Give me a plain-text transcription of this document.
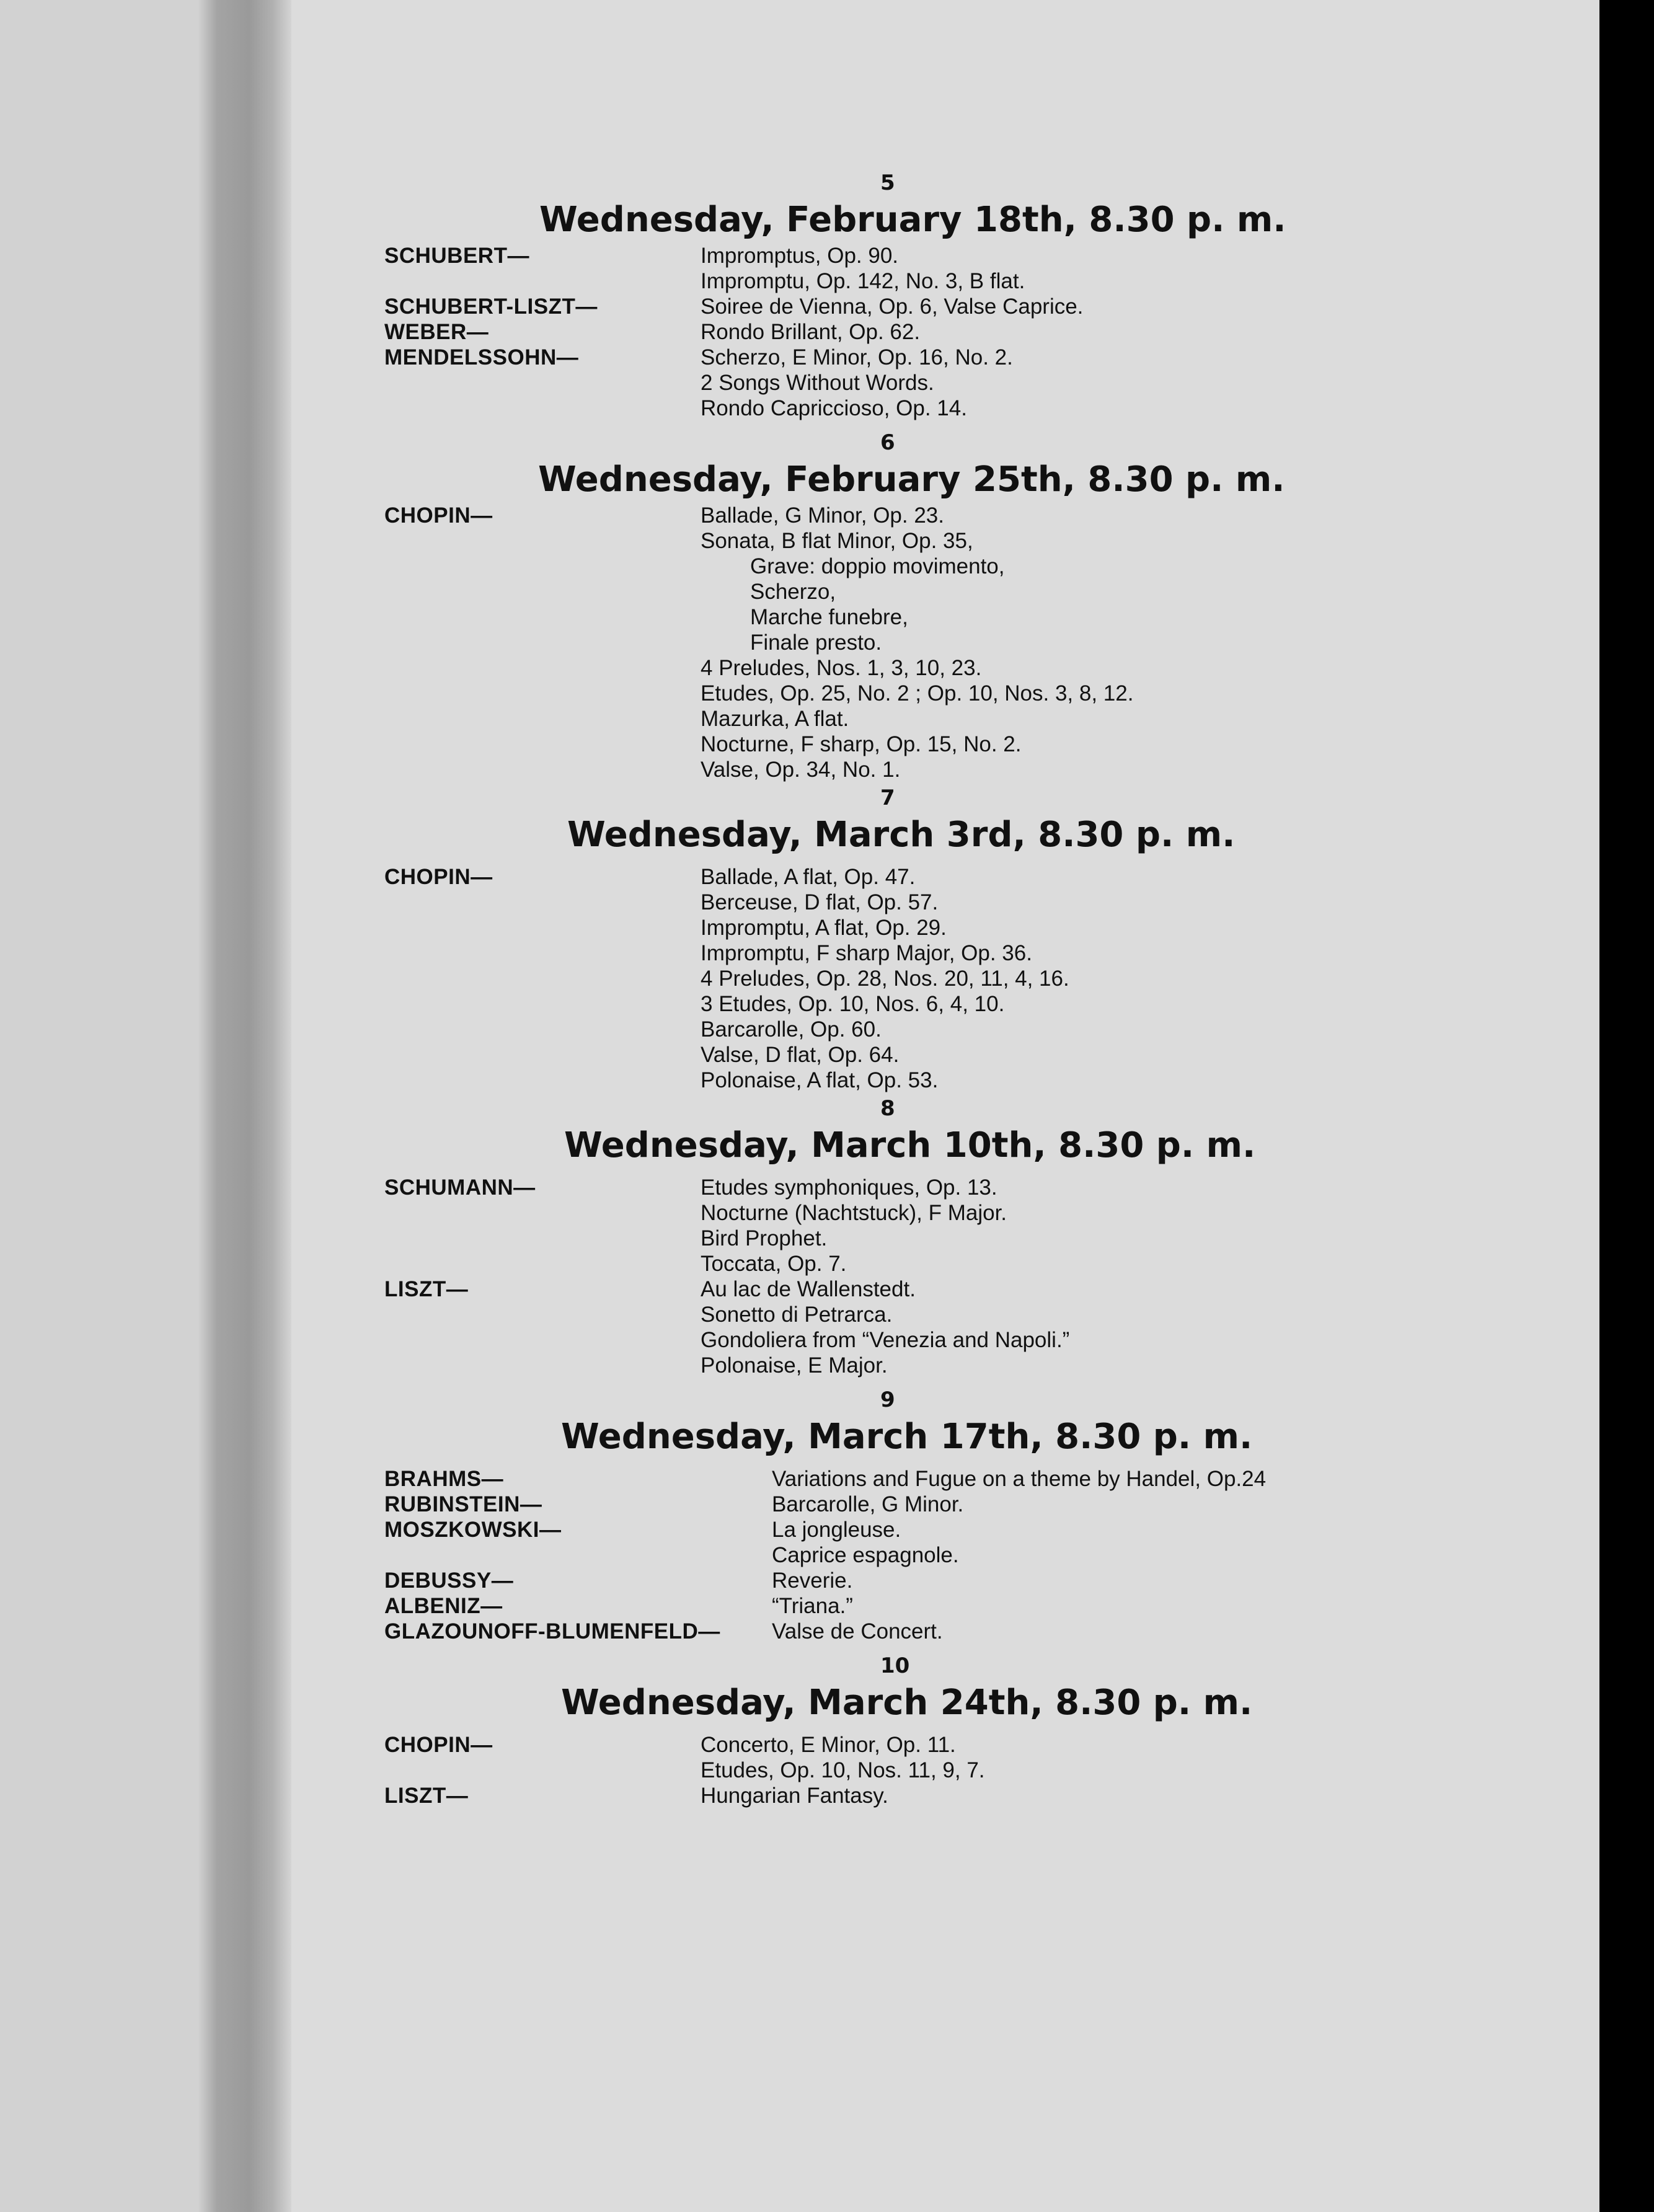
5
Wednesday, February 18th, 8.30 p. m.
SCHUBERT—	Impromptus, Op. 90.
Impromptu, Op. 142, No. 3, B flat.
SCHUBERT-LISZT—	Soiree de Vienna, Op. 6, Valse Caprice.
WEBER—	Rondo Brillant, Op. 62.
MENDELSSOHN—	Scherzo, E Minor, Op. 16, No. 2.
2 Songs Without Words.
Rondo Capriccioso, Op. 14.
6
Wednesday, February 25th, 8.30 p. m.
CHOPIN—	Ballade, G Minor, Op. 23.
Sonata, B flat Minor, Op. 35,
Grave: doppio movimento,
Scherzo,
Marche funebre,
Finale presto.
4 Preludes, Nos. 1, 3, 10, 23.
Etudes, Op. 25, No. 2 ; Op. 10, Nos. 3, 8, 12.
Mazurka, A flat.
Nocturne, F sharp, Op. 15, No. 2.
Valse, Op. 34, No. 1.
7
Wednesday, March 3rd, 8.30 p. m.
CHOPIN—	Ballade, A flat, Op. 47.
Berceuse, D flat, Op. 57.
Impromptu, A flat, Op. 29.
Impromptu, F sharp Major, Op. 36.
4 Preludes, Op. 28, Nos. 20, 11, 4, 16.
3 Etudes, Op. 10, Nos. 6, 4, 10.
Barcarolle, Op. 60.
Valse, D flat, Op. 64.
Polonaise, A flat, Op. 53.
8
Wednesday, March 10th, 8.30 p. m.
SCHUMANN—	Etudes symphoniques, Op. 13.
Nocturne (Nachtstuck), F Major.
Bird Prophet.
Toccata, Op. 7.
LISZT—	Au lac de Wallenstedt.
Sonetto di Petrarca.
Gondoliera from “Venezia and Napoli.”
Polonaise, E Major.
9
Wednesday, March 17th, 8.30 p. m.
BRAHMS—	Variations and Fugue on a theme by Handel, Op.24
RUBINSTEIN—	Barcarolle, G Minor.
MOSZKOWSKI—	La jongleuse.
Caprice espagnole.
DEBUSSY—	Reverie.
ALBENIZ—	“Triana.”
GLAZOUNOFF-BLUMENFELD—	Valse de Concert.
10
Wednesday, March 24th, 8.30 p. m.
CHOPIN—	Concerto, E Minor, Op. 11.
Etudes, Op. 10, Nos. 11, 9, 7.
LISZT—	Hungarian Fantasy.
